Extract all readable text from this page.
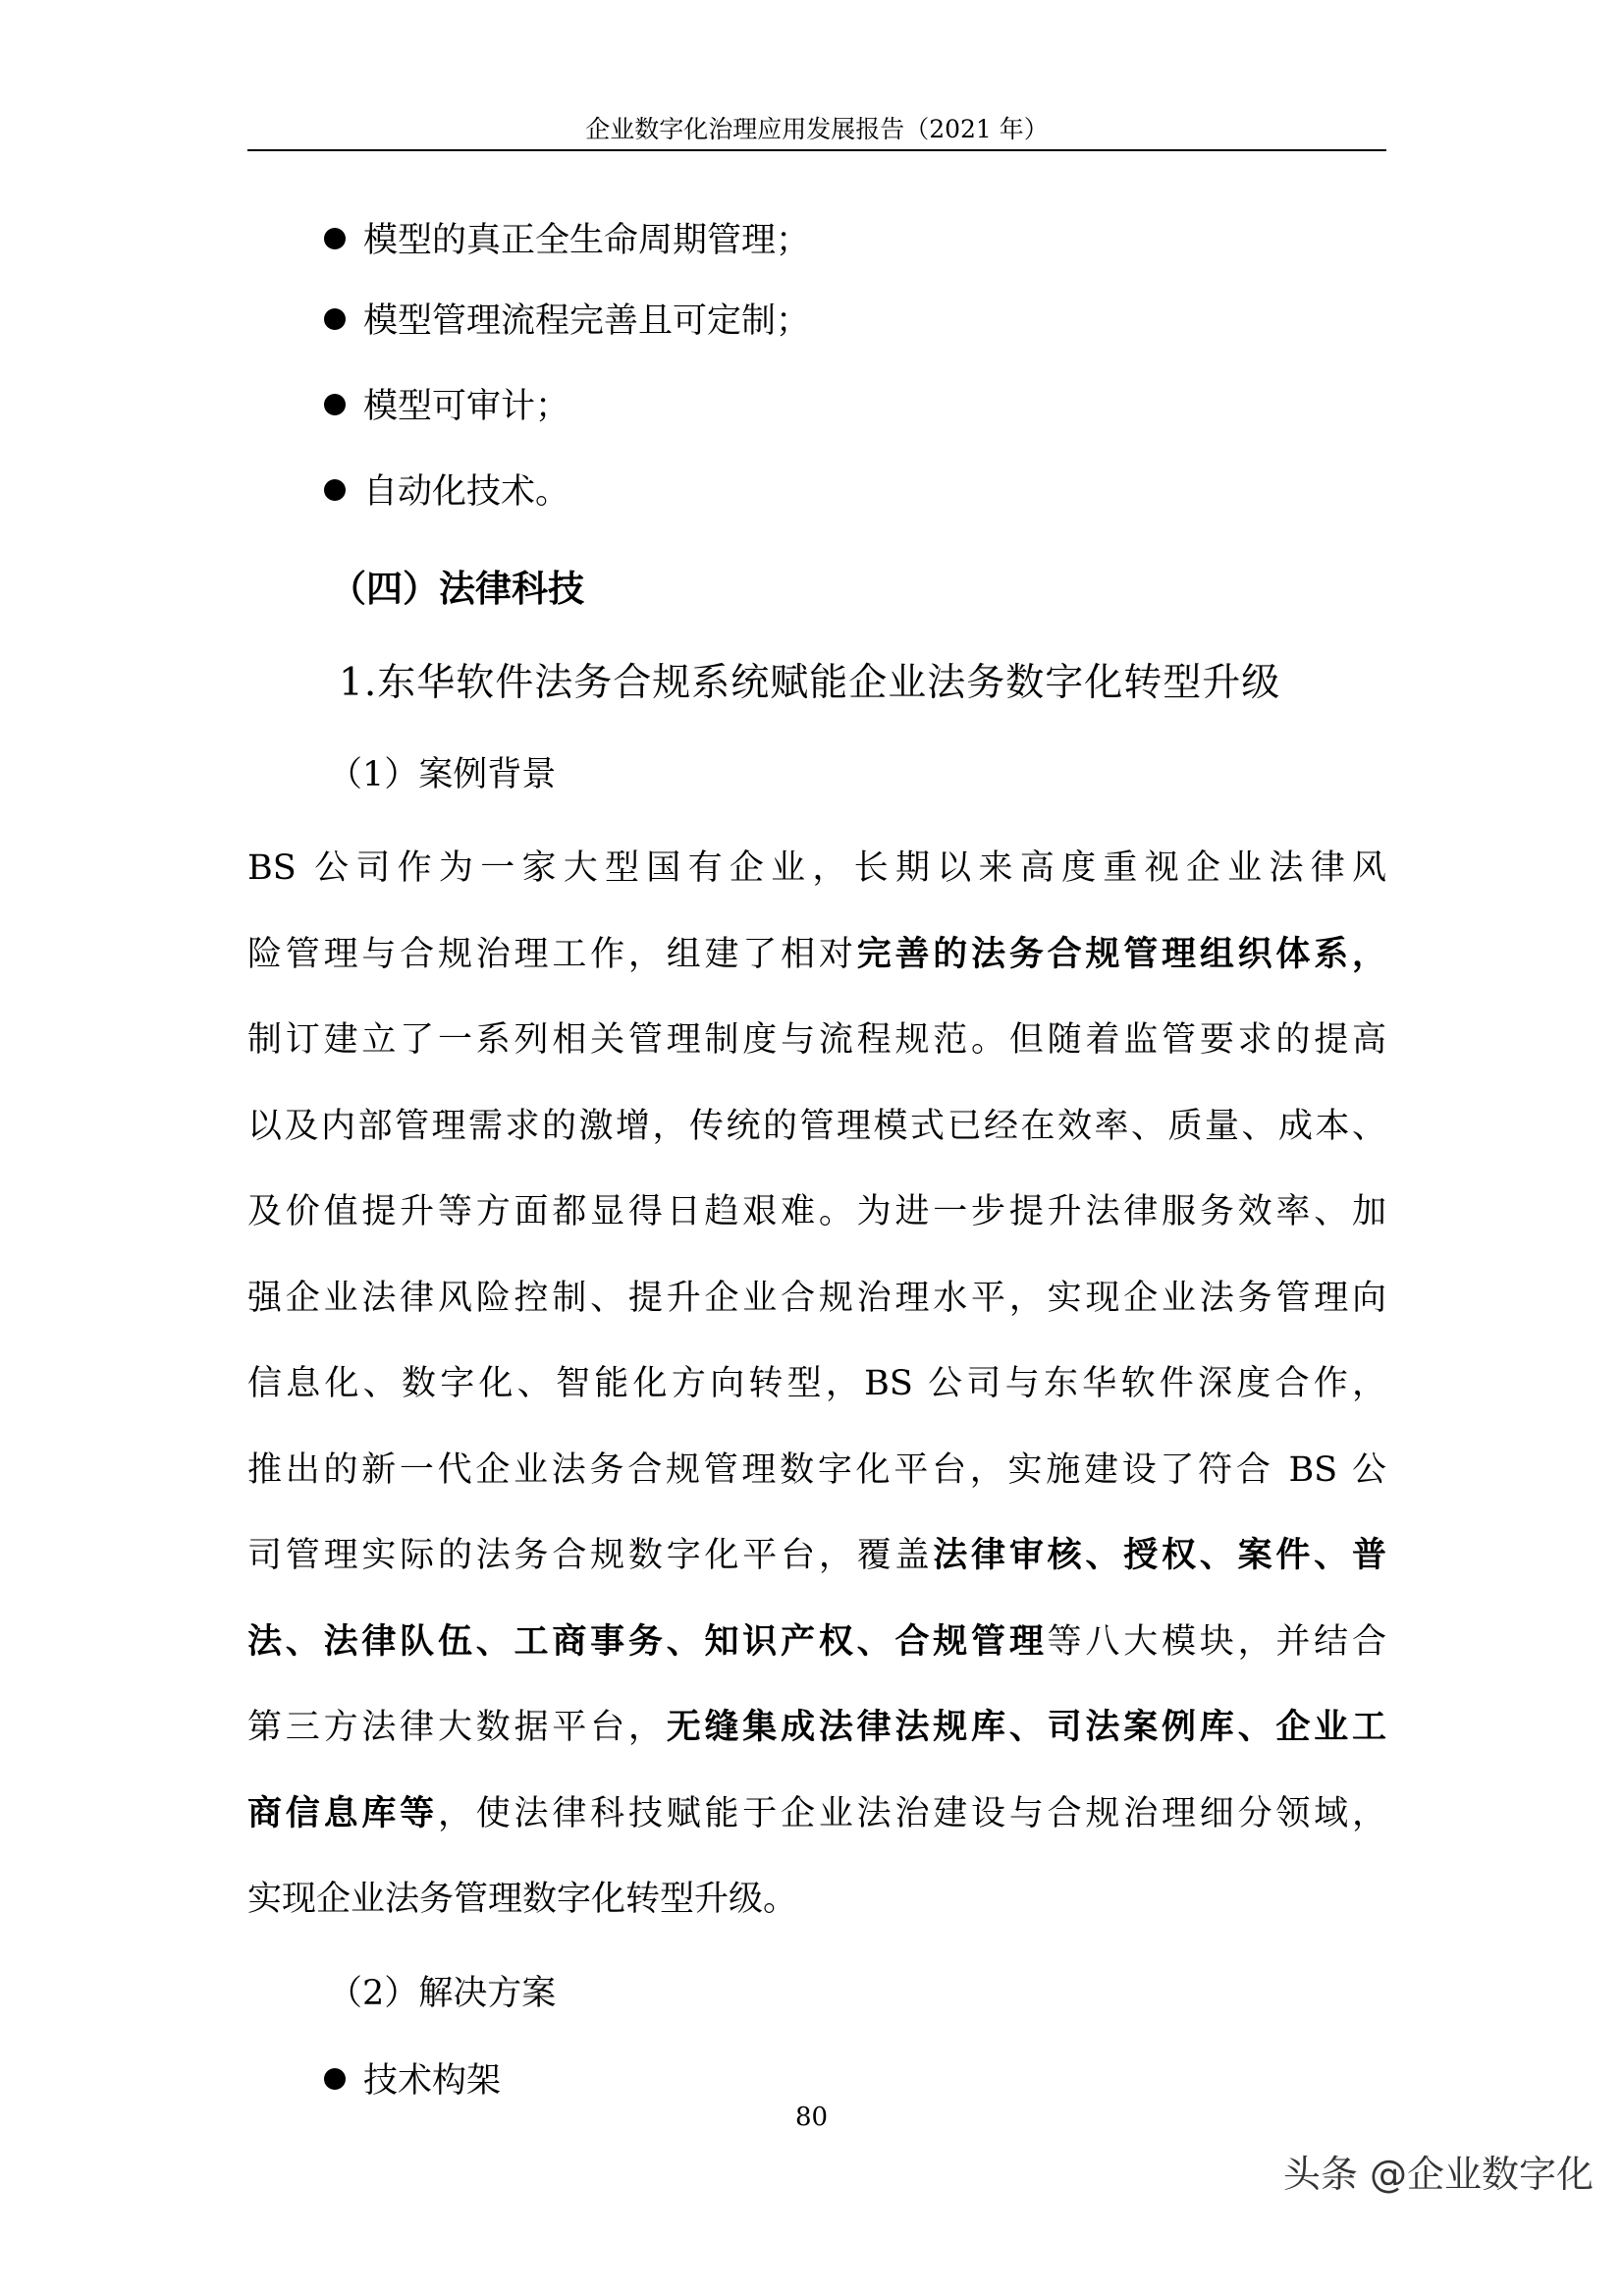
企业数字化治理应用发展报告（2021 年）
模型的真正全生命周期管理；
模型管理流程完善且可定制；
模型可审计；
自动化技术。
（四）法律科技
1.东华软件法务合规系统赋能企业法务数字化转型升级
（1）案例背景
BS 公司作为一家大型国有企业，长期以来高度重视企业法律风
险管理与合规治理工作，组建了相对完善的法务合规管理组织体系，
制订建立了一系列相关管理制度与流程规范。但随着监管要求的提高
以及内部管理需求的激增，传统的管理模式已经在效率、质量、成本、
及价值提升等方面都显得日趋艰难。为进一步提升法律服务效率、加
强企业法律风险控制、提升企业合规治理水平，实现企业法务管理向
信息化、数字化、智能化方向转型，BS 公司与东华软件深度合作，
推出的新一代企业法务合规管理数字化平台，实施建设了符合 BS 公
司管理实际的法务合规数字化平台，覆盖法律审核、授权、案件、普
法、法律队伍、工商事务、知识产权、合规管理等八大模块，并结合
第三方法律大数据平台，无缝集成法律法规库、司法案例库、企业工
商信息库等，使法律科技赋能于企业法治建设与合规治理细分领域，
实现企业法务管理数字化转型升级。
（2）解决方案
技术构架
80
头条 @企业数字化
